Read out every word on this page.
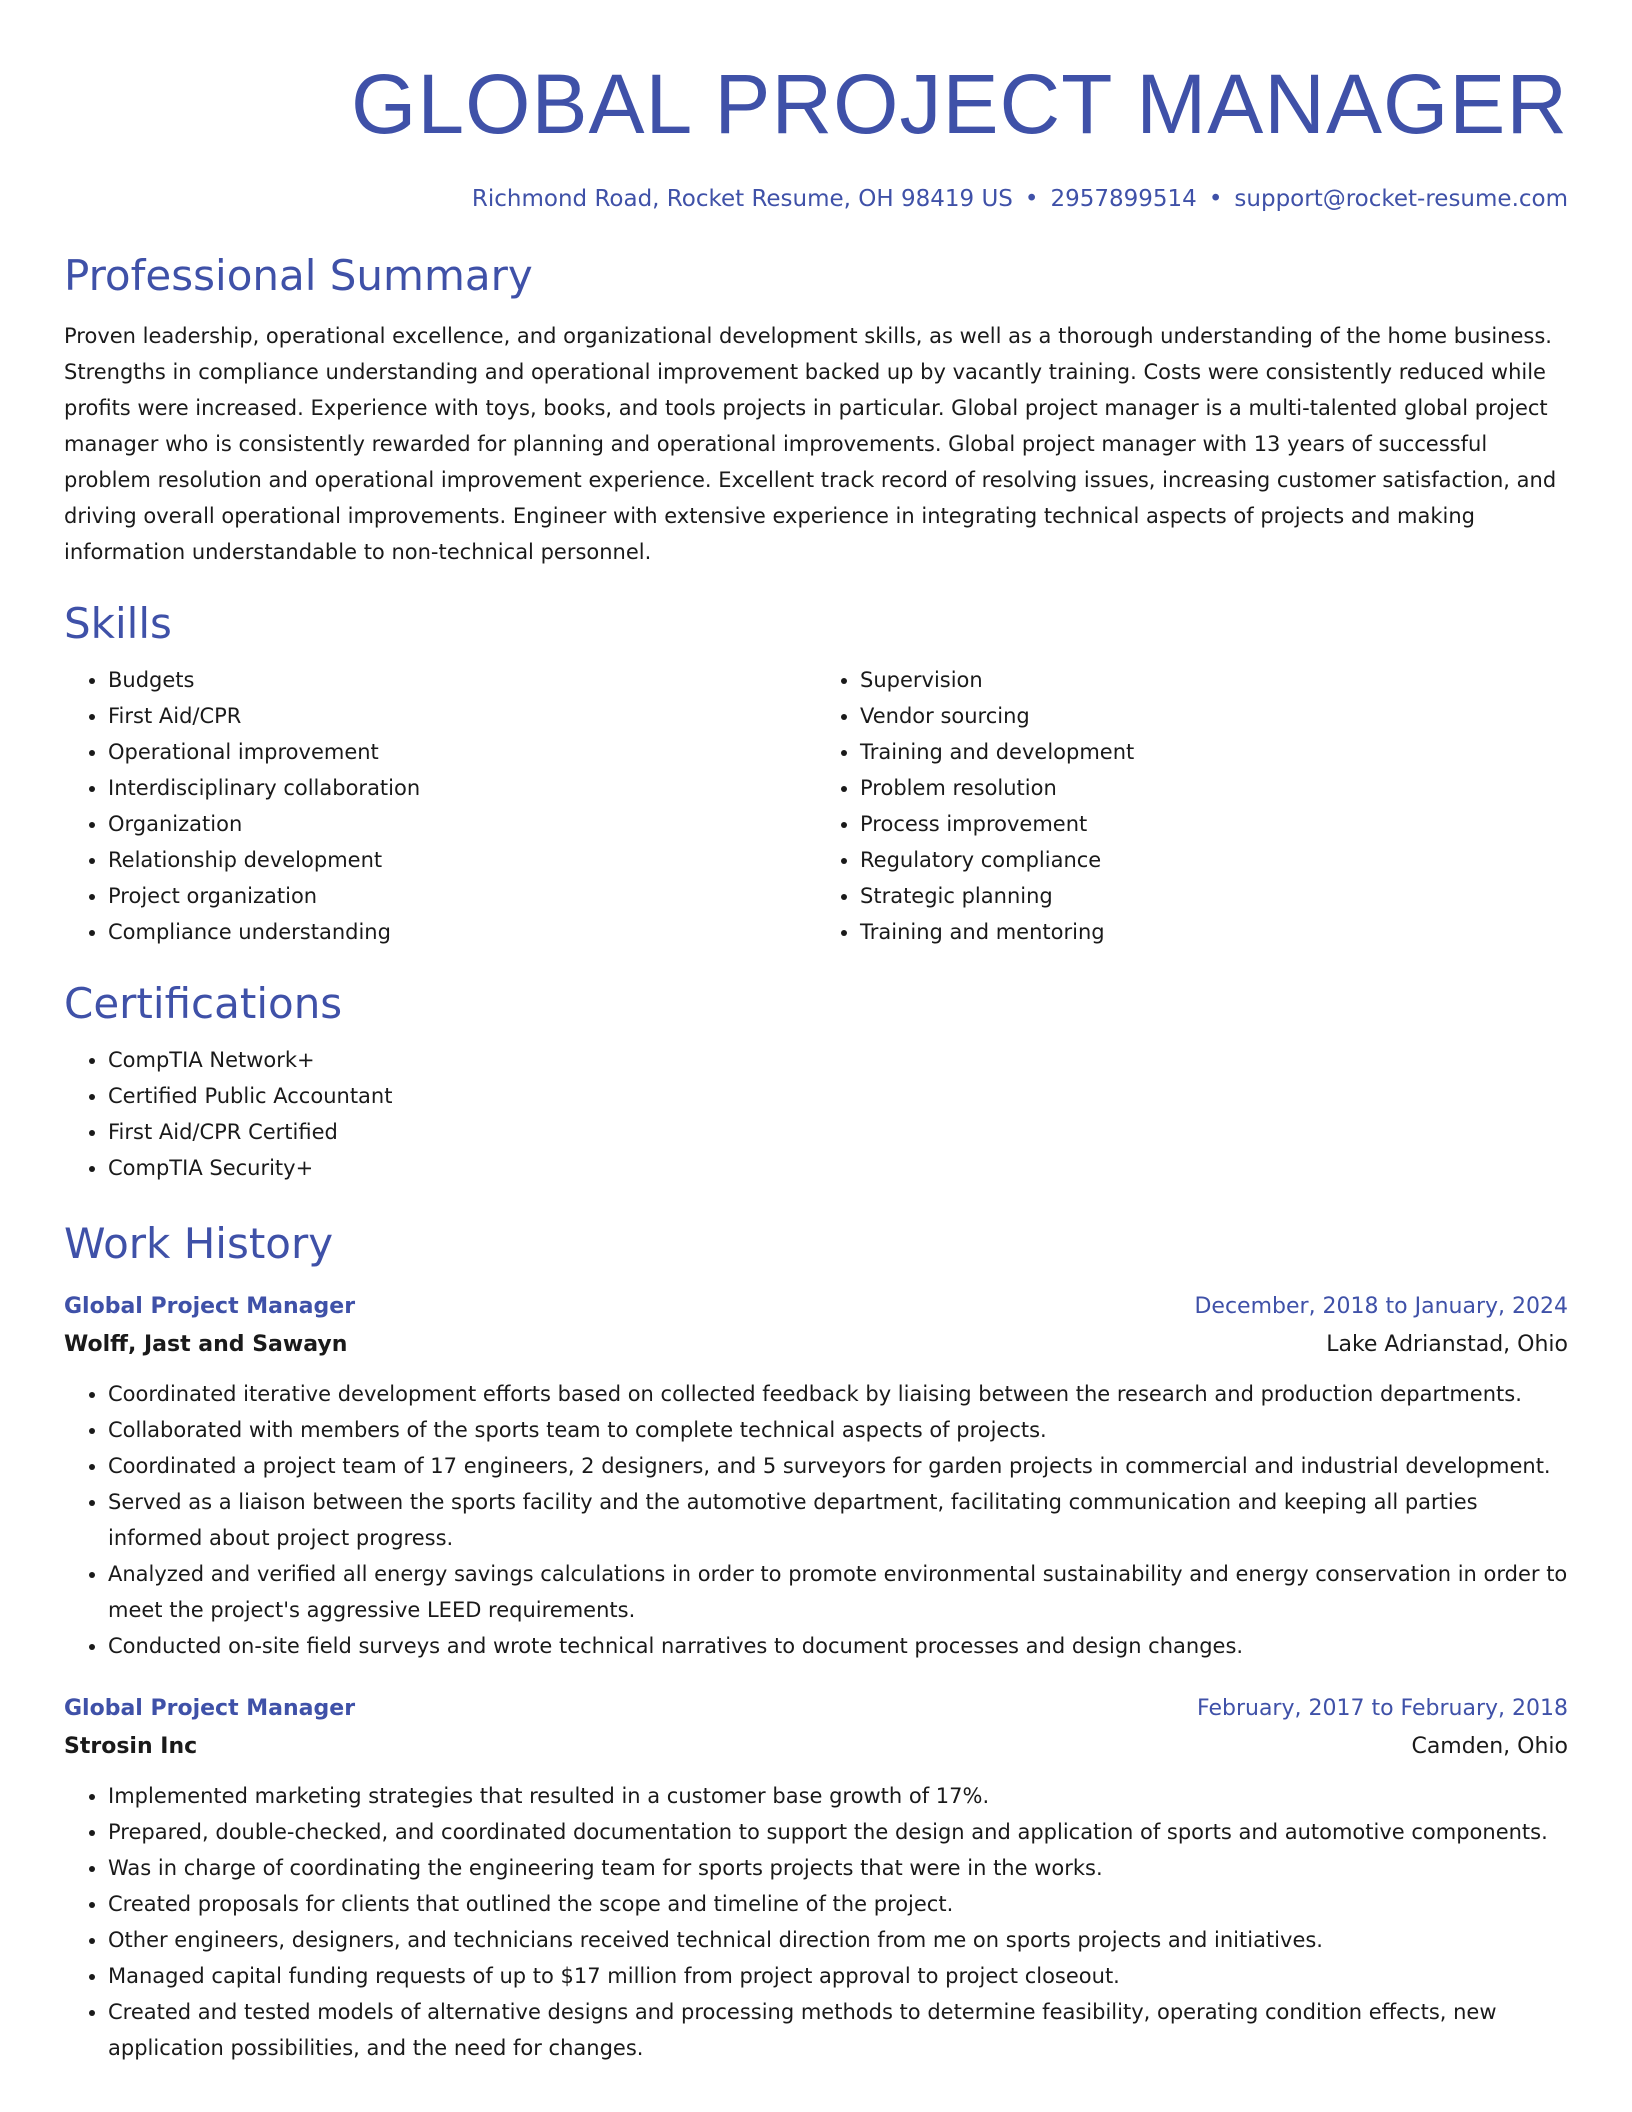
GLOBAL PROJECT MANAGER
Richmond Road, Rocket Resume, OH 98419 US • 2957899514 • support@rocket-resume.com
Professional Summary
Proven leadership, operational excellence, and organizational development skills, as well as a thorough understanding of the home business. Strengths in compliance understanding and operational improvement backed up by vacantly training. Costs were consistently reduced while profits were increased. Experience with toys, books, and tools projects in particular. Global project manager is a multi-talented global project manager who is consistently rewarded for planning and operational improvements. Global project manager with 13 years of successful problem resolution and operational improvement experience. Excellent track record of resolving issues, increasing customer satisfaction, and driving overall operational improvements. Engineer with extensive experience in integrating technical aspects of projects and making information understandable to non-technical personnel.
Skills
• Budgets
• First Aid/CPR
• Operational improvement
• Interdisciplinary collaboration
• Organization
• Relationship development
• Project organization
• Compliance understanding
• Supervision
• Vendor sourcing
• Training and development
• Problem resolution
• Process improvement
• Regulatory compliance
• Strategic planning
• Training and mentoring
Certifications
• CompTIA Network+
• Certified Public Accountant
• First Aid/CPR Certified
• CompTIA Security+
Work History
Global Project Manager	December, 2018 to January, 2024
Wolff, Jast and Sawayn	Lake Adrianstad, Ohio
• Coordinated iterative development efforts based on collected feedback by liaising between the research and production departments.
• Collaborated with members of the sports team to complete technical aspects of projects.
• Coordinated a project team of 17 engineers, 2 designers, and 5 surveyors for garden projects in commercial and industrial development.
• Served as a liaison between the sports facility and the automotive department, facilitating communication and keeping all parties informed about project progress.
• Analyzed and verified all energy savings calculations in order to promote environmental sustainability and energy conservation in order to meet the project's aggressive LEED requirements.
• Conducted on-site field surveys and wrote technical narratives to document processes and design changes.
Global Project Manager	February, 2017 to February, 2018
Strosin Inc	Camden, Ohio
• Implemented marketing strategies that resulted in a customer base growth of 17%.
• Prepared, double-checked, and coordinated documentation to support the design and application of sports and automotive components.
• Was in charge of coordinating the engineering team for sports projects that were in the works.
• Created proposals for clients that outlined the scope and timeline of the project.
• Other engineers, designers, and technicians received technical direction from me on sports projects and initiatives.
• Managed capital funding requests of up to $17 million from project approval to project closeout.
• Created and tested models of alternative designs and processing methods to determine feasibility, operating condition effects, new application possibilities, and the need for changes.
